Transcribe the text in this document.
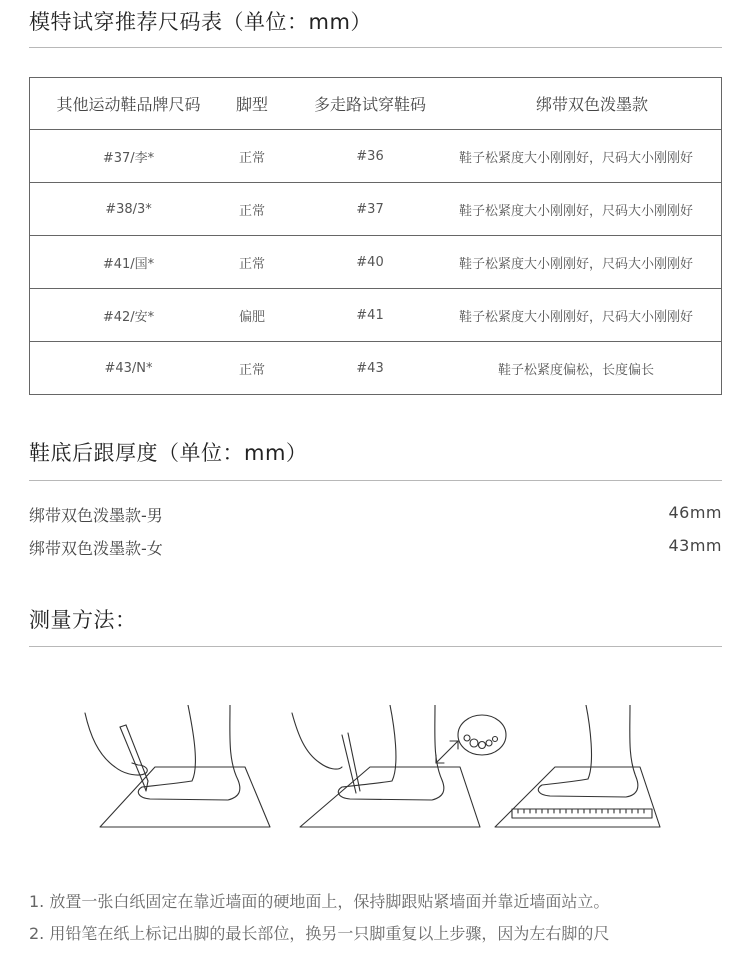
模特试穿推荐尺码表（单位：mm）
其他运动鞋品牌尺码	脚型	多走路试穿鞋码	绑带双色泼墨款
#37/李*	正常	#36	鞋子松紧度大小刚刚好，尺码大小刚刚好
#38/3*	正常	#37	鞋子松紧度大小刚刚好，尺码大小刚刚好
#41/国*	正常	#40	鞋子松紧度大小刚刚好，尺码大小刚刚好
#42/安*	偏肥	#41	鞋子松紧度大小刚刚好，尺码大小刚刚好
#43/N*	正常	#43	鞋子松紧度偏松，长度偏长
鞋底后跟厚度（单位：mm）
绑带双色泼墨款-男	46mm
绑带双色泼墨款-女	43mm
测量方法：
1. 放置一张白纸固定在靠近墙面的硬地面上，保持脚跟贴紧墙面并靠近墙面站立。
2. 用铅笔在纸上标记出脚的最长部位，换另一只脚重复以上步骤，因为左右脚的尺
